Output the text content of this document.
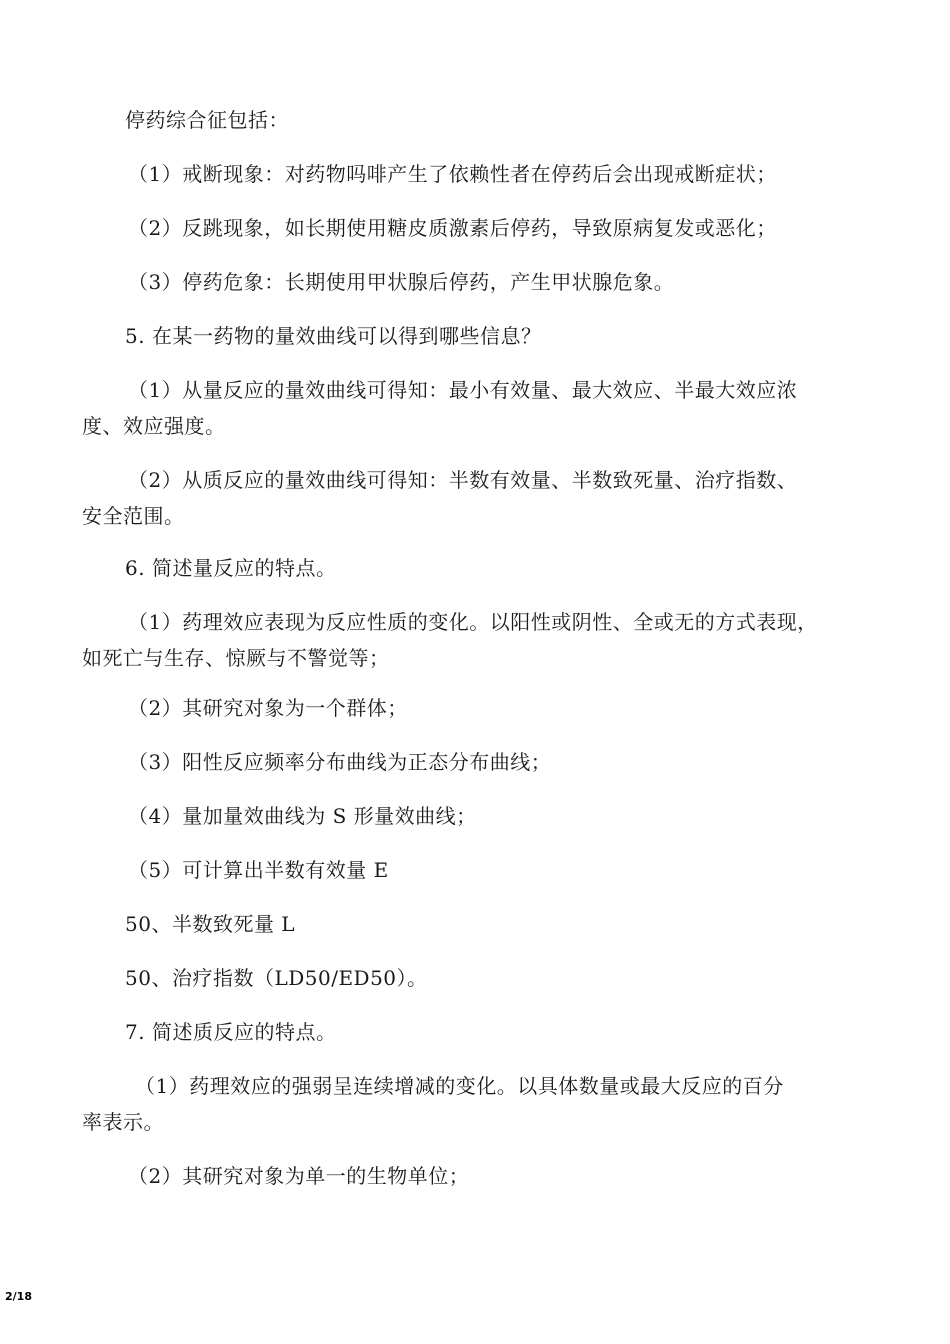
停药综合征包括：
（1）戒断现象：对药物吗啡产生了依赖性者在停药后会出现戒断症状；
（2）反跳现象，如长期使用糖皮质激素后停药，导致原病复发或恶化；
（3）停药危象：长期使用甲状腺后停药，产生甲状腺危象。
5. 在某一药物的量效曲线可以得到哪些信息？
（1）从量反应的量效曲线可得知：最小有效量、最大效应、半最大效应浓
度、效应强度。
（2）从质反应的量效曲线可得知：半数有效量、半数致死量、治疗指数、
安全范围。
6. 简述量反应的特点。
（1）药理效应表现为反应性质的变化。以阳性或阴性、全或无的方式表现，
如死亡与生存、惊厥与不警觉等；
（2）其研究对象为一个群体；
（3）阳性反应频率分布曲线为正态分布曲线；
（4）量加量效曲线为 S 形量效曲线；
（5）可计算出半数有效量 E
50、半数致死量 L
50、治疗指数（LD50/ED50）。
7. 简述质反应的特点。
（1）药理效应的强弱呈连续增减的变化。以具体数量或最大反应的百分
率表示。
（2）其研究对象为单一的生物单位；
2/18
